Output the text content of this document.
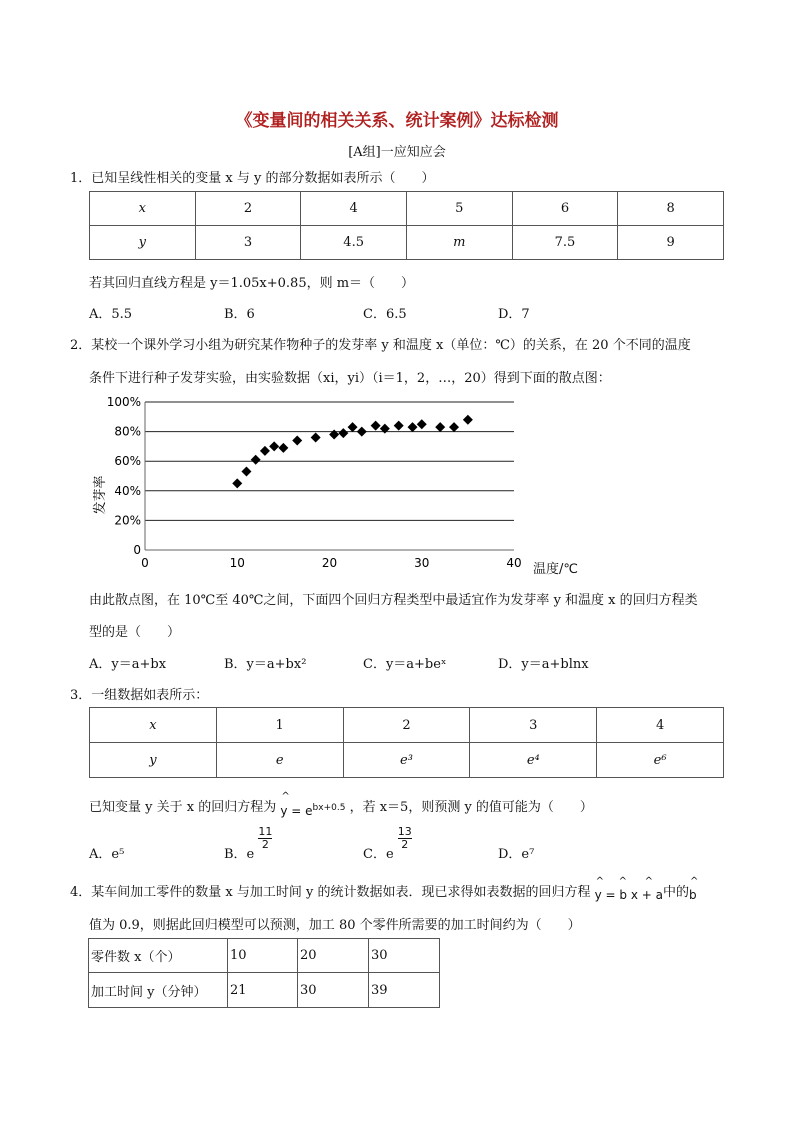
《变量间的相关关系、统计案例》达标检测
[A组]一应知应会
1．已知呈线性相关的变量 x 与 y 的部分数据如表所示（　　）
x	2	4	5	6	8
y	3	4.5	m	7.5	9
若其回归直线方程是 y＝1.05x+0.85，则 m＝（　　）
A．5.5	B．6	C．6.5	D．7
2．某校一个课外学习小组为研究某作物种子的发芽率 y 和温度 x（单位：℃）的关系，在 20 个不同的温度
条件下进行种子发芽实验，由实验数据（xi，yi）（i＝1，2，…，20）得到下面的散点图：
0
20%
40%
60%
80%
100%
0	10	20	30	40
发芽率
温度/℃
由此散点图，在 10℃至 40℃之间，下面四个回归方程类型中最适宜作为发芽率 y 和温度 x 的回归方程类
型的是（　　）
A．y＝a+bx	B．y＝a+bx²	C．y＝a+beˣ	D．y＝a+blnx
3．一组数据如表所示：
x	1	2	3	4
y	e	e³	e⁴	e⁶
已知变量 y 关于 x 的回归方程为
^
$y = e^{bx+0.5}$ ，若 x＝5，则预测 y 的值可能为（　　）
A．e⁵	B．e
$\frac{11}{2}$
C．e
$\frac{13}{2}$
D．e⁷
4．某车间加工零件的数量 x 与加工时间 y 的统计数据如表．现已求得如表数据的回归方程
^ ^ ^
y = b x + a中的
^
b
值为 0.9，则据此回归模型可以预测，加工 80 个零件所需要的加工时间约为（　　）
零件数 x（个）	10	20	30
加工时间 y（分钟）	21	30	39
